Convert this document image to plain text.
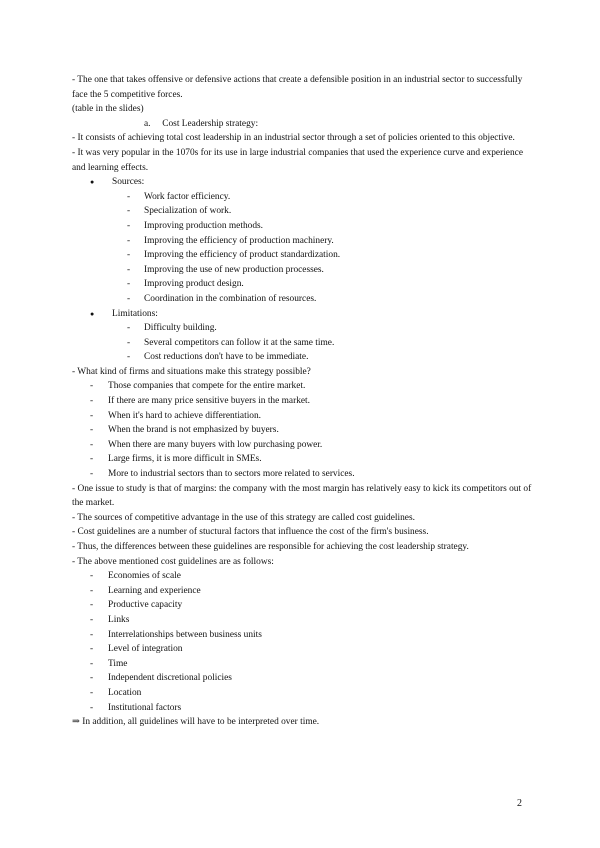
- The one that takes offensive or defensive actions that create a defensible position in an industrial sector to successfully face the 5 competitive forces.

(table in the slides)

a. Cost Leadership strategy:

- It consists of achieving total cost leadership in an industrial sector through a set of policies oriented to this objective.

- It was very popular in the 1070s for its use in large industrial companies that used the experience curve and experience and learning effects.

● Sources:
- Work factor efficiency.
- Specialization of work.
- Improving production methods.
- Improving the efficiency of production machinery.
- Improving the efficiency of product standardization.
- Improving the use of new production processes.
- Improving product design.
- Coordination in the combination of resources.
● Limitations:
- Difficulty building.
- Several competitors can follow it at the same time.
- Cost reductions don't have to be immediate.

- What kind of firms and situations make this strategy possible?

- Those companies that compete for the entire market.
- If there are many price sensitive buyers in the market.
- When it's hard to achieve differentiation.
- When the brand is not emphasized by buyers.
- When there are many buyers with low purchasing power.
- Large firms, it is more difficult in SMEs.
- More to industrial sectors than to sectors more related to services.

- One issue to study is that of margins: the company with the most margin has relatively easy to kick its competitors out of the market.

- The sources of competitive advantage in the use of this strategy are called cost guidelines.

- Cost guidelines are a number of stuctural factors that influence the cost of the firm's business.

- Thus, the differences between these guidelines are responsible for achieving the cost leadership strategy.

- The above mentioned cost guidelines are as follows:

- Economies of scale
- Learning and experience
- Productive capacity
- Links
- Interrelationships between business units
- Level of integration
- Time
- Independent discretional policies
- Location
- Institutional factors

⇒ In addition, all guidelines will have to be interpreted over time.

2
